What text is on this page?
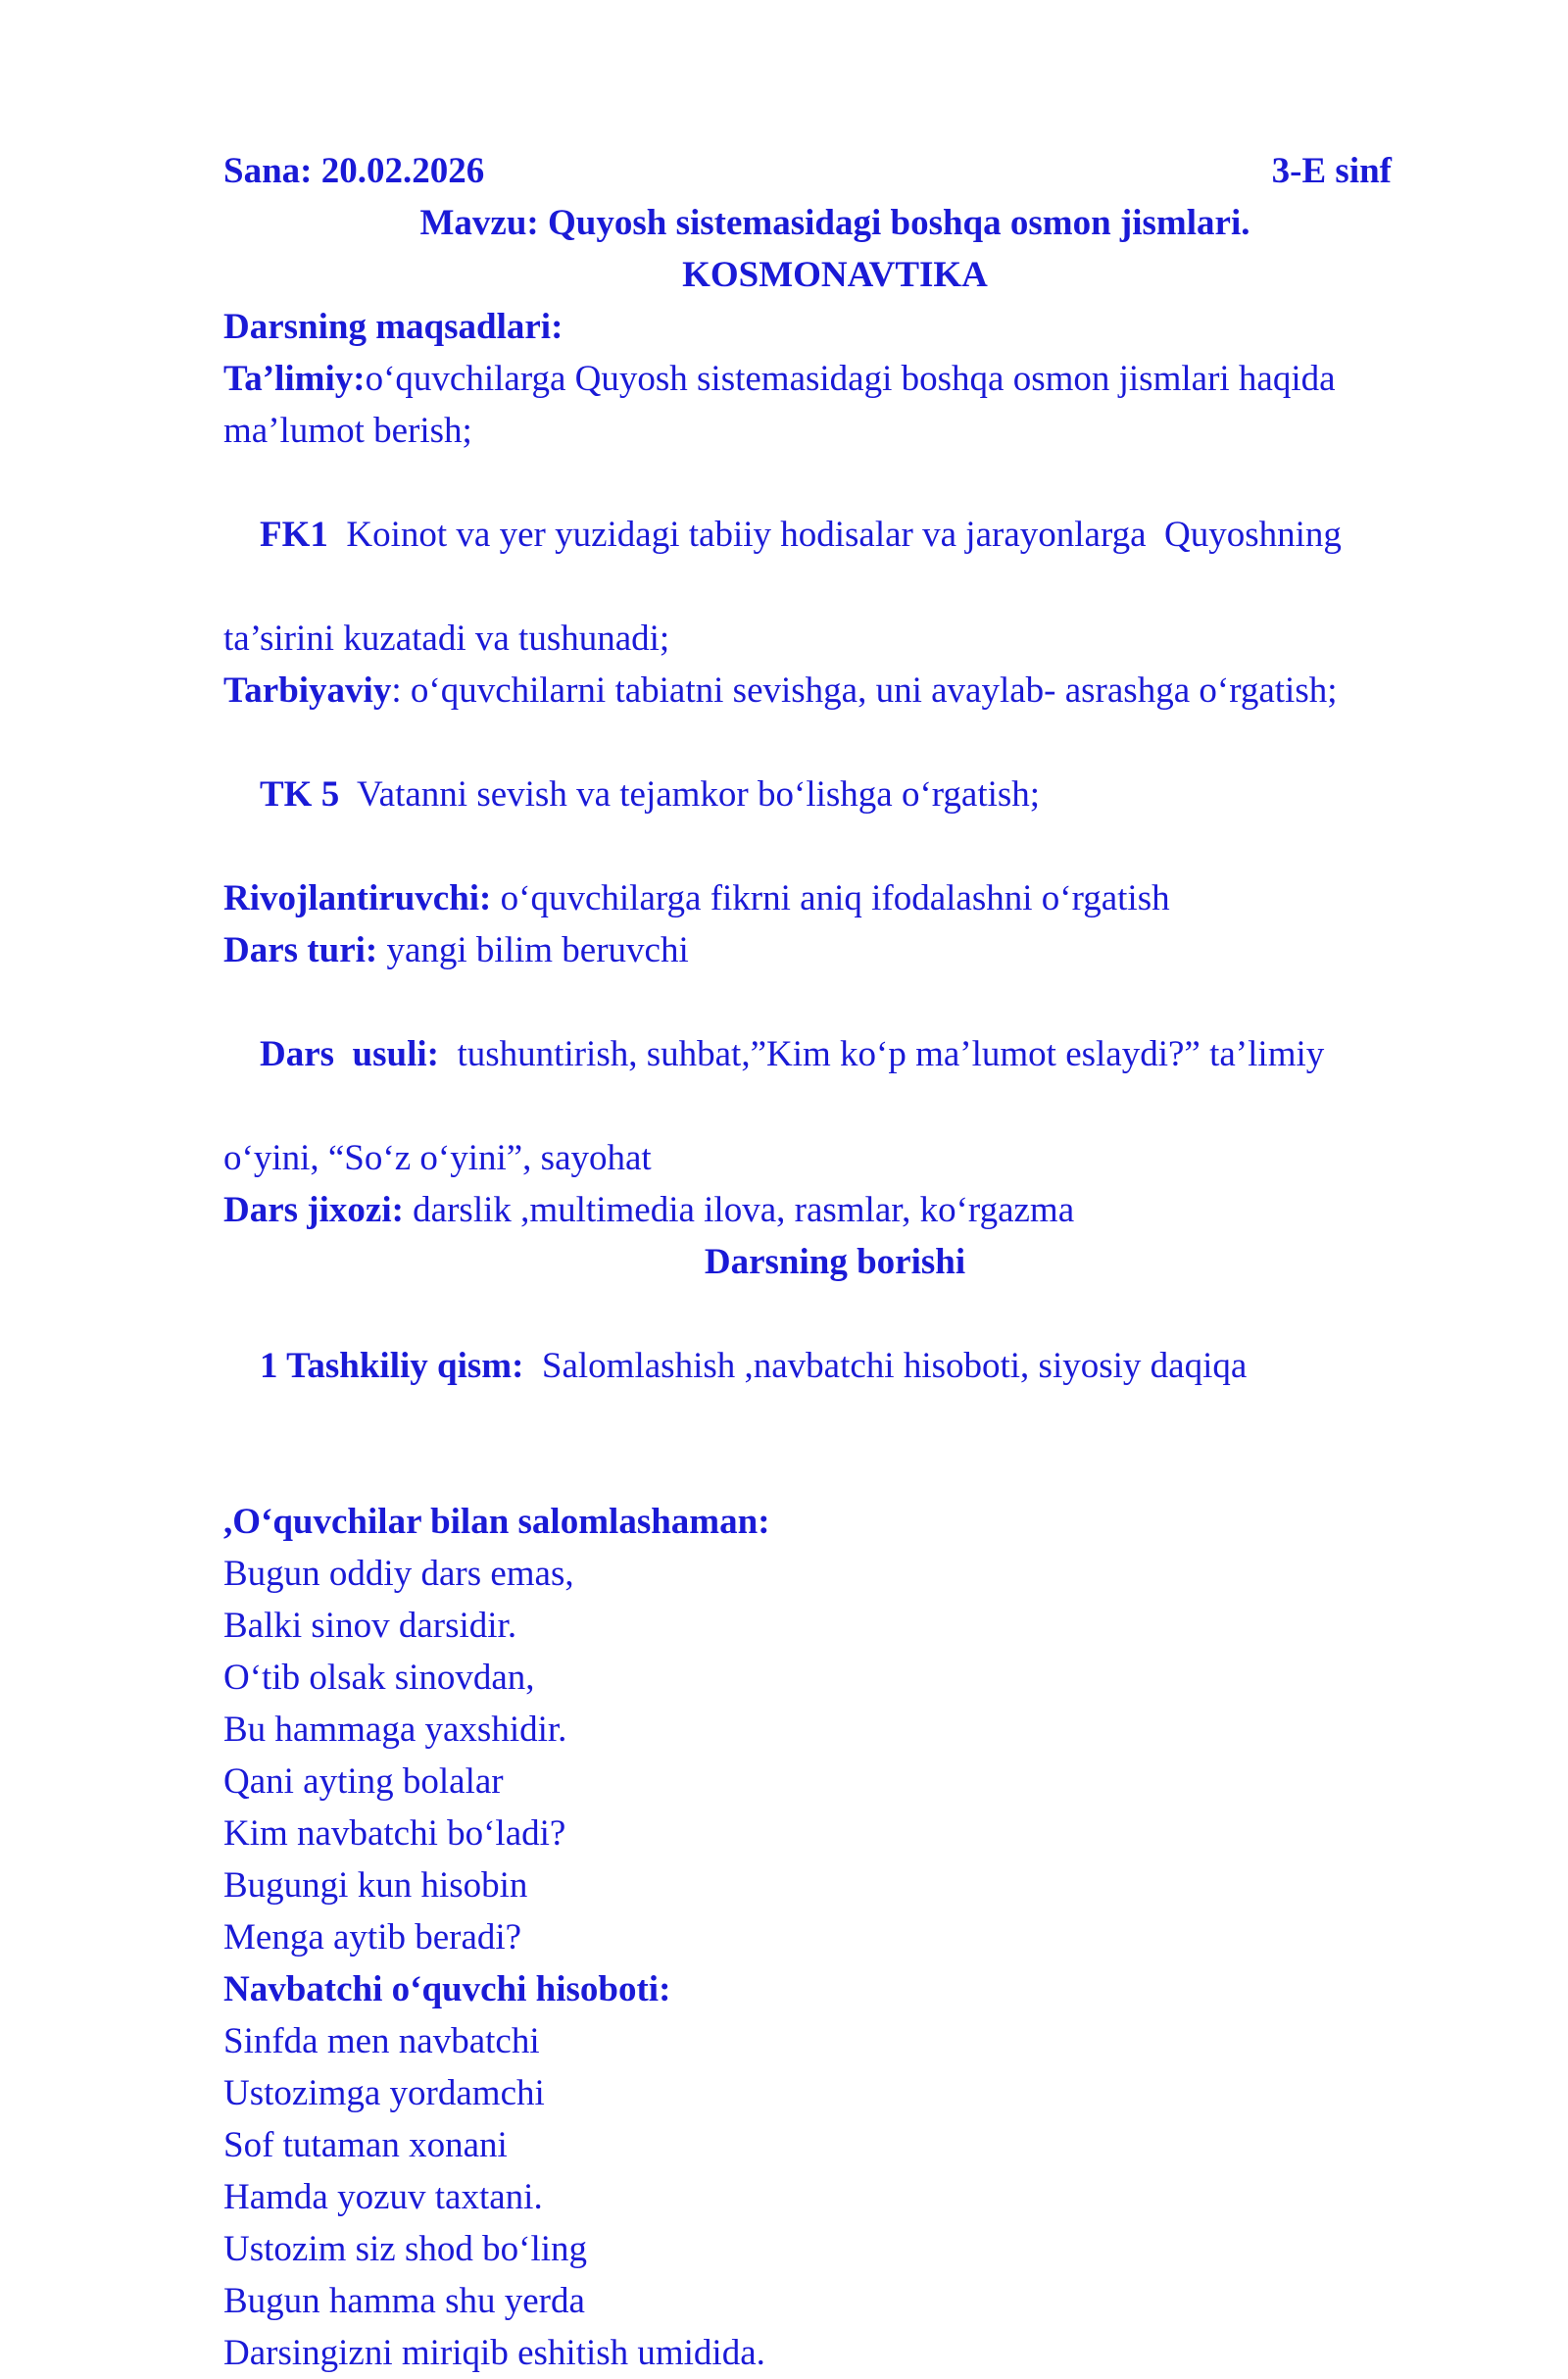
Sana: 20.02.2026	3-E sinf
Mavzu: Quyosh sistemasidagi boshqa osmon jismlari.
KOSMONAVTIKA
Darsning maqsadlari:
Ta’limiy:o‘quvchilarga Quyosh sistemasidagi boshqa osmon jismlari haqida
ma’lumot berish;

FK1  Koinot va yer yuzidagi tabiiy hodisalar va jarayonlarga  Quyoshning

ta’sirini kuzatadi va tushunadi;
Tarbiyaviy: o‘quvchilarni tabiatni sevishga, uni avaylab- asrashga o‘rgatish;

TK 5  Vatanni sevish va tejamkor bo‘lishga o‘rgatish;

Rivojlantiruvchi: o‘quvchilarga fikrni aniq ifodalashni o‘rgatish
Dars turi: yangi bilim beruvchi

Dars  usuli:  tushuntirish, suhbat,”Kim ko‘p ma’lumot eslaydi?” ta’limiy

o‘yini, “So‘z o‘yini”, sayohat
Dars jixozi: darslik ,multimedia ilova, rasmlar, ko‘rgazma
Darsning borishi

1 Tashkiliy qism:  Salomlashish ,navbatchi hisoboti, siyosiy daqiqa

,O‘quvchilar bilan salomlashaman:
Bugun oddiy dars emas,
Balki sinov darsidir.
O‘tib olsak sinovdan,
Bu hammaga yaxshidir.
Qani ayting bolalar
Kim navbatchi bo‘ladi?
Bugungi kun hisobin
Menga aytib beradi?
Navbatchi o‘quvchi hisoboti:
Sinfda men navbatchi
Ustozimga yordamchi
Sof tutaman xonani
Hamda yozuv taxtani.
Ustozim siz shod bo‘ling
Bugun hamma shu yerda
Darsingizni miriqib eshitish umidida.
